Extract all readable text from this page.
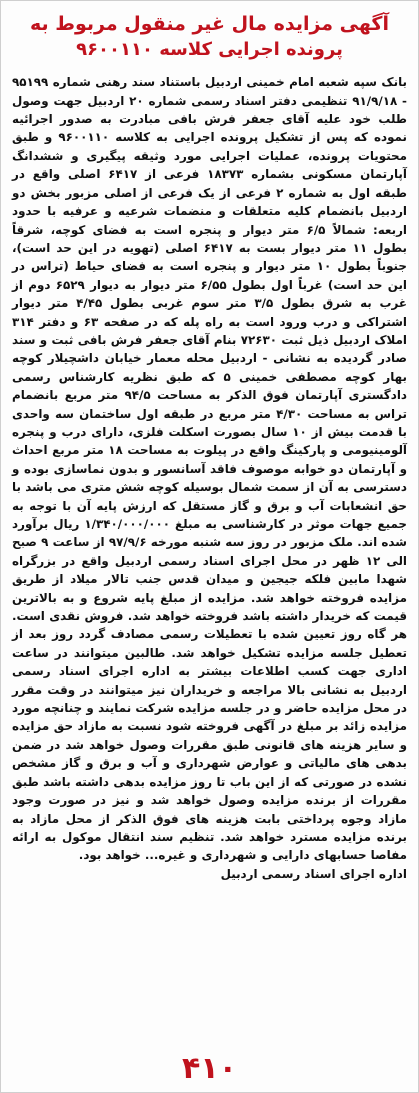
آگهی مزایده مال غیر منقول مربوط به
پرونده اجرایی کلاسه ۹۶۰۰۱۱۰

بانک سپه شعبه امام خمینی اردبیل باستناد سند رهنی شماره ۹۵۱۹۹ - ۹۱/۹/۱۸ تنظیمی دفتر اسناد رسمی شماره ۲۰ اردبیل جهت وصول طلب خود علیه آقای جعفر فرش بافی مبادرت به صدور اجرائیه نموده که پس از تشکیل پرونده اجرایی به کلاسه ۹۶۰۰۱۱۰ و طبق محتویات پرونده، عملیات اجرایی مورد وثیقه پیگیری و ششدانگ آپارتمان مسکونی بشماره ۱۸۳۷۳ فرعی از ۶۴۱۷ اصلی واقع در طبقه اول به شماره ۲ فرعی از یک فرعی از اصلی مزبور بخش دو اردبیل بانضمام کلیه متعلقات و منضمات شرعیه و عرفیه با حدود اربعه: شمالاً ۶/۵ متر دیوار و پنجره است به فضای کوچه، شرقاً بطول ۱۱ متر دیوار بست به ۶۴۱۷ اصلی (تهویه در این حد است)، جنوباً بطول ۱۰ متر دیوار و پنجره است به فضای حیاط (تراس در این حد است) غرباً اول بطول ۶/۵۵ متر دیوار به دیوار ۶۵۲۹ دوم از غرب به شرق بطول ۳/۵ متر سوم غربی بطول ۴/۴۵ متر دیوار اشتراکی و درب ورود است به راه پله که در صفحه ۶۳ و دفتر ۳۱۴ املاک اردبیل ذیل ثبت ۷۲۶۳۰ بنام آقای جعفر فرش بافی ثبت و سند صادر گردیده به نشانی - اردبیل محله معمار خیابان داشچیلار کوچه بهار کوچه مصطفی خمینی ۵ که طبق نظریه کارشناس رسمی دادگستری آپارتمان فوق الذکر به مساحت ۹۴/۵ متر مربع بانضمام تراس به مساحت ۴/۳۰ متر مربع در طبقه اول ساختمان سه واحدی با قدمت بیش از ۱۰ سال بصورت اسکلت فلزی، دارای درب و پنجره آلومینیومی و پارکینگ واقع در پیلوت به مساحت ۱۸ متر مربع احداث و آپارتمان دو خوابه موصوف فاقد آسانسور و بدون نماسازی بوده و دسترسی به آن از سمت شمال بوسیله کوچه شش متری می باشد با حق انشعابات آب و برق و گاز مستقل که ارزش پایه آن با توجه به جمیع جهات موثر در کارشناسی به مبلغ ۱/۳۴۰/۰۰۰/۰۰۰ ریال برآورد شده اند. ملک مزبور در روز سه شنبه مورخه ۹۷/۹/۶ از ساعت ۹ صبح الی ۱۲ ظهر در محل اجرای اسناد رسمی اردبیل واقع در بزرگراه شهدا مابین فلکه جیجین و میدان قدس جنب تالار میلاد از طریق مزایده فروخته خواهد شد. مزایده از مبلغ پایه شروع و به بالاترین قیمت که خریدار داشته باشد فروخته خواهد شد. فروش نقدی است. هر گاه روز تعیین شده با تعطیلات رسمی مصادف گردد روز بعد از تعطیل جلسه مزایده تشکیل خواهد شد. طالبین میتوانند در ساعت اداری جهت کسب اطلاعات بیشتر به اداره اجرای اسناد رسمی اردبیل به نشانی بالا مراجعه و خریداران نیز میتوانند در وقت مقرر در محل مزایده حاضر و در جلسه مزایده شرکت نمایند و چنانچه مورد مزایده زائد بر مبلغ در آگهی فروخته شود نسبت به مازاد حق مزایده و سایر هزینه های قانونی طبق مقررات وصول خواهد شد در ضمن بدهی های مالیاتی و عوارض شهرداری و آب و برق و گاز مشخص نشده در صورتی که از این باب تا روز مزایده بدهی داشته باشد طبق مقررات از برنده مزایده وصول خواهد شد و نیز در صورت وجود مازاد وجوه پرداختی بابت هزینه های فوق الذکر از محل مازاد به برنده مزایده مسترد خواهد شد. تنظیم سند انتقال موکول به ارائه مفاصا حسابهای دارایی و شهرداری و غیره... خواهد بود.

اداره اجرای اسناد رسمی اردبیل
۴۱۰
